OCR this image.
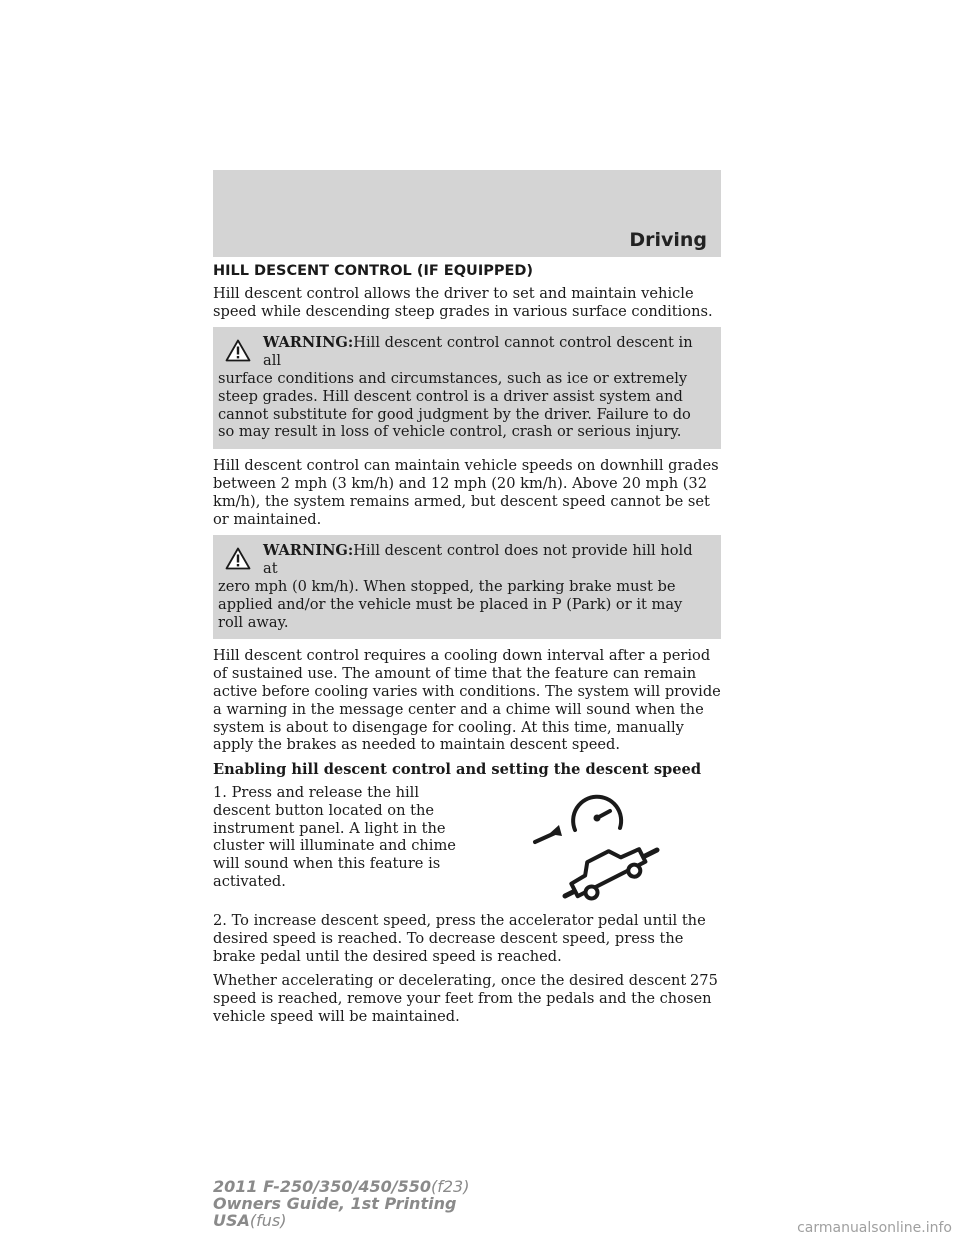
Driving
HILL DESCENT CONTROL (IF EQUIPPED)

Hill descent control allows the driver to set and maintain vehicle speed while descending steep grades in various surface conditions.

WARNING:Hill descent control cannot control descent in all
surface conditions and circumstances, such as ice or extremely steep grades. Hill descent control is a driver assist system and cannot substitute for good judgment by the driver. Failure to do so may result in loss of vehicle control, crash or serious injury.

Hill descent control can maintain vehicle speeds on downhill grades between 2 mph (3 km/h) and 12 mph (20 km/h). Above 20 mph (32 km/h), the system remains armed, but descent speed cannot be set or maintained.

WARNING:Hill descent control does not provide hill hold at
zero mph (0 km/h). When stopped, the parking brake must be applied and/or the vehicle must be placed in P (Park) or it may roll away.

Hill descent control requires a cooling down interval after a period of sustained use. The amount of time that the feature can remain active before cooling varies with conditions. The system will provide a warning in the message center and a chime will sound when the system is about to disengage for cooling. At this time, manually apply the brakes as needed to maintain descent speed.

Enabling hill descent control and setting the descent speed
1. Press and release the hill descent button located on the instrument panel. A light in the cluster will illuminate and chime will sound when this feature is activated.

2. To increase descent speed, press the accelerator pedal until the desired speed is reached. To decrease descent speed, press the brake pedal until the desired speed is reached.

Whether accelerating or decelerating, once the desired descent speed is reached, remove your feet from the pedals and the chosen vehicle speed will be maintained.

275
2011 F-250/350/450/550(f23)
Owners Guide, 1st Printing
USA(fus)	carmanualsonline.info
